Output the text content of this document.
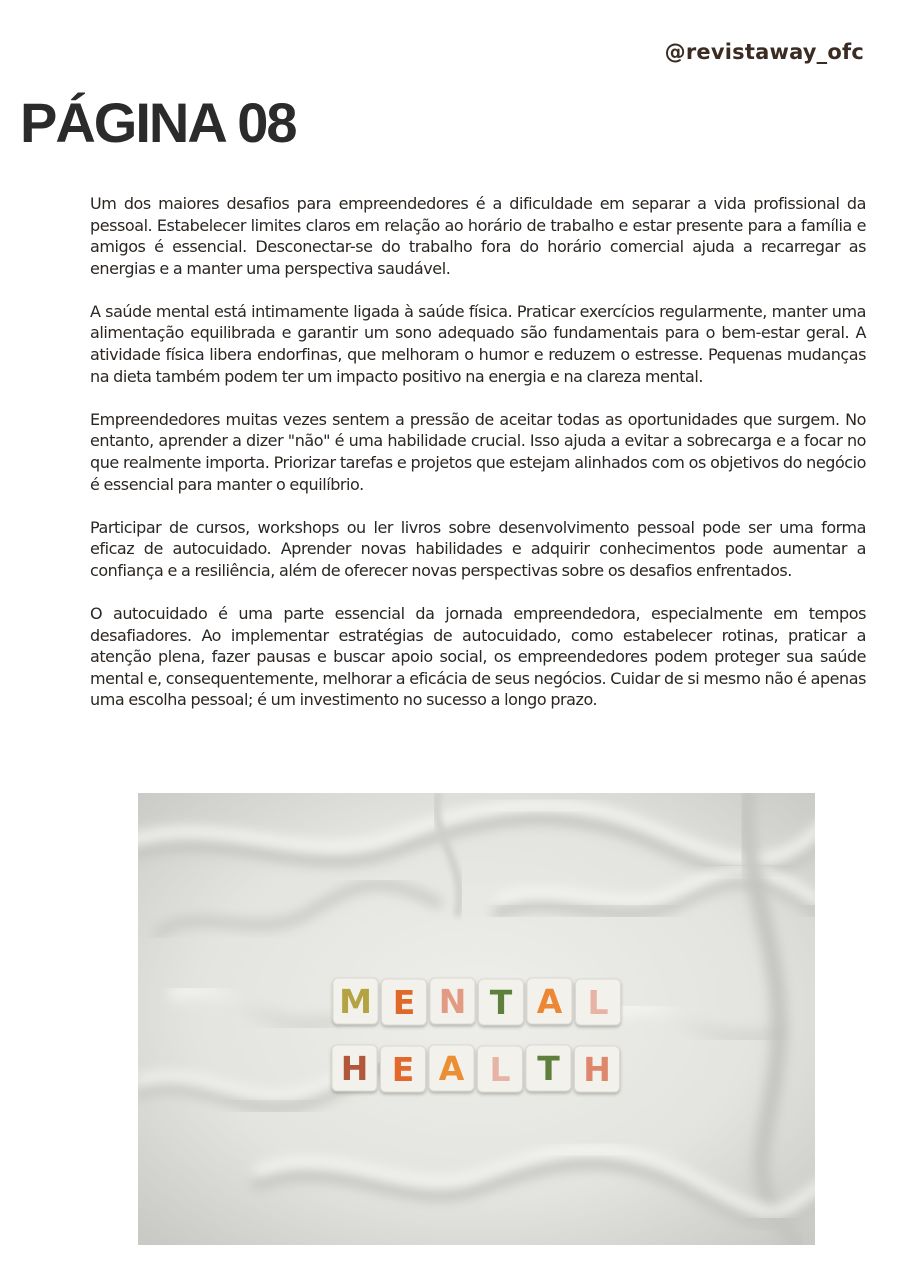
@revistaway_ofc
PÁGINA 08

Um dos maiores desafios para empreendedores é a dificuldade em separar a vida profissional da pessoal. Estabelecer limites claros em relação ao horário de trabalho e estar presente para a família e amigos é essencial. Desconectar-se do trabalho fora do horário comercial ajuda a recarregar as energias e a manter uma perspectiva saudável.

A saúde mental está intimamente ligada à saúde física. Praticar exercícios regularmente, manter uma alimentação equilibrada e garantir um sono adequado são fundamentais para o bem-estar geral. A atividade física libera endorfinas, que melhoram o humor e reduzem o estresse. Pequenas mudanças na dieta também podem ter um impacto positivo na energia e na clareza mental.

Empreendedores muitas vezes sentem a pressão de aceitar todas as oportunidades que surgem. No entanto, aprender a dizer "não" é uma habilidade crucial. Isso ajuda a evitar a sobrecarga e a focar no que realmente importa. Priorizar tarefas e projetos que estejam alinhados com os objetivos do negócio é essencial para manter o equilíbrio.

Participar de cursos, workshops ou ler livros sobre desenvolvimento pessoal pode ser uma forma eficaz de autocuidado. Aprender novas habilidades e adquirir conhecimentos pode aumentar a confiança e a resiliência, além de oferecer novas perspectivas sobre os desafios enfrentados.

O autocuidado é uma parte essencial da jornada empreendedora, especialmente em tempos desafiadores. Ao implementar estratégias de autocuidado, como estabelecer rotinas, praticar a atenção plena, fazer pausas e buscar apoio social, os empreendedores podem proteger sua saúde mental e, consequentemente, melhorar a eficácia de seus negócios. Cuidar de si mesmo não é apenas uma escolha pessoal; é um investimento no sucesso a longo prazo.

M E N T A L
H E A L T H
